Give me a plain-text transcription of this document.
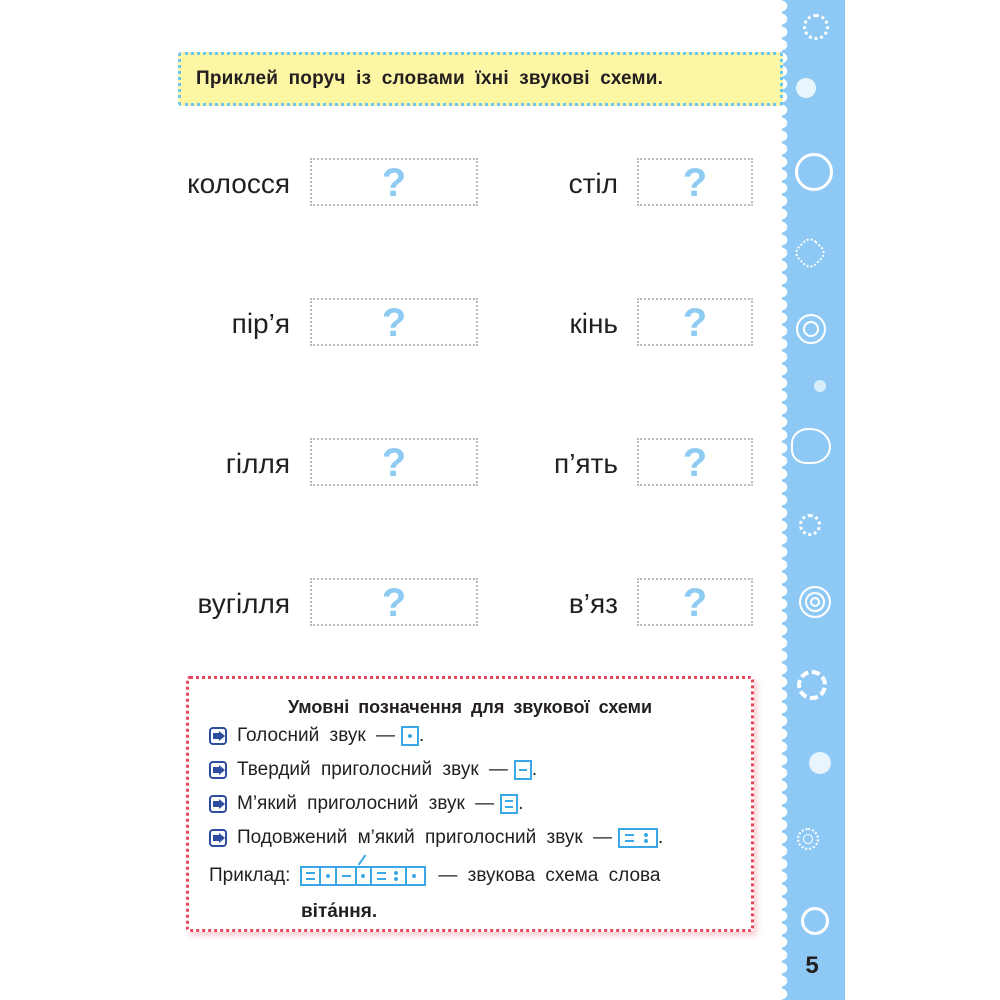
5
Приклей поруч із словами їхні звукові схеми.
колосся	?	стіл	?
пір’я	?	кінь	?
гілля	?	п’ять	?
вугілля	?	в’яз	?
Умовні позначення для звукової схеми
Голосний звук — .
Твердий приголосний звук — .
М’який приголосний звук — .
Подовжений м’який приголосний звук — .
Приклад:	— звукова схема слова
віта́ння.
